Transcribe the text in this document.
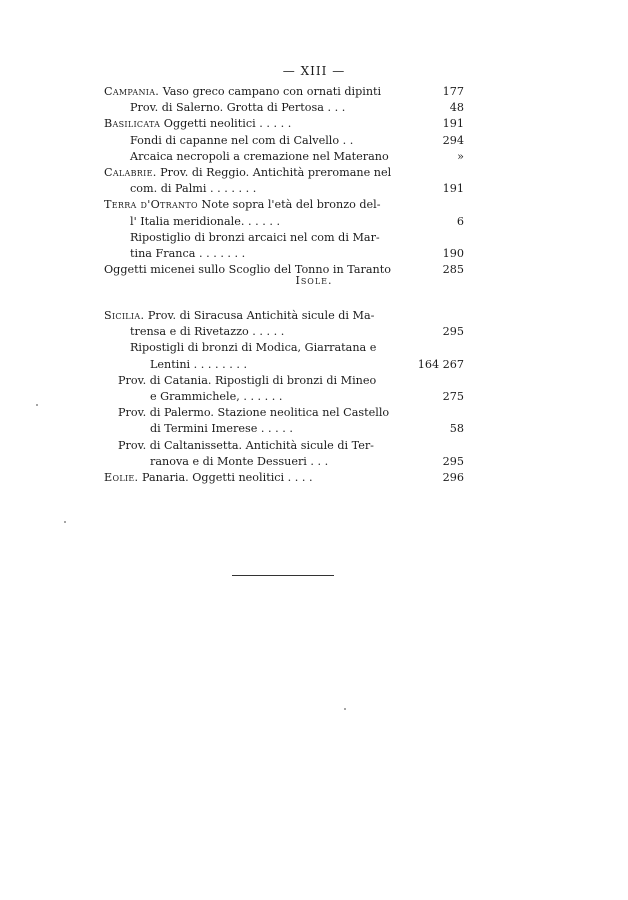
— XIII —
Campania. Vaso greco campano con ornati dipinti	177
Prov. di Salerno. Grotta di Pertosa . . .	48
Basilicata Oggetti neolitici . . . . .	191
Fondi di capanne nel com di Calvello . .	294
Arcaica necropoli a cremazione nel Materano	»
Calabrie. Prov. di Reggio. Antichità preromane nel
com. di Palmi . . . . . . .	191
Terra d'Otranto Note sopra l'età del bronzo del-
l' Italia meridionale. . . . . .	6
Ripostiglio di bronzi arcaici nel com di Mar-
tina Franca . . . . . . .	190
Oggetti micenei sullo Scoglio del Tonno in Taranto	285
Isole.
Sicilia. Prov. di Siracusa Antichità sicule di Ma-
trensa e di Rivetazzo . . . . .	295
Ripostigli di bronzi di Modica, Giarratana e
Lentini . . . . . . . .	164 267
Prov. di Catania. Ripostigli di bronzi di Mineo
e Grammichele, . . . . . .	275
Prov. di Palermo. Stazione neolitica nel Castello
di Termini Imerese . . . . .	58
Prov. di Caltanissetta. Antichità sicule di Ter-
ranova e di Monte Dessueri . . .	295
Eolie. Panaria. Oggetti neolitici . . . .	296
